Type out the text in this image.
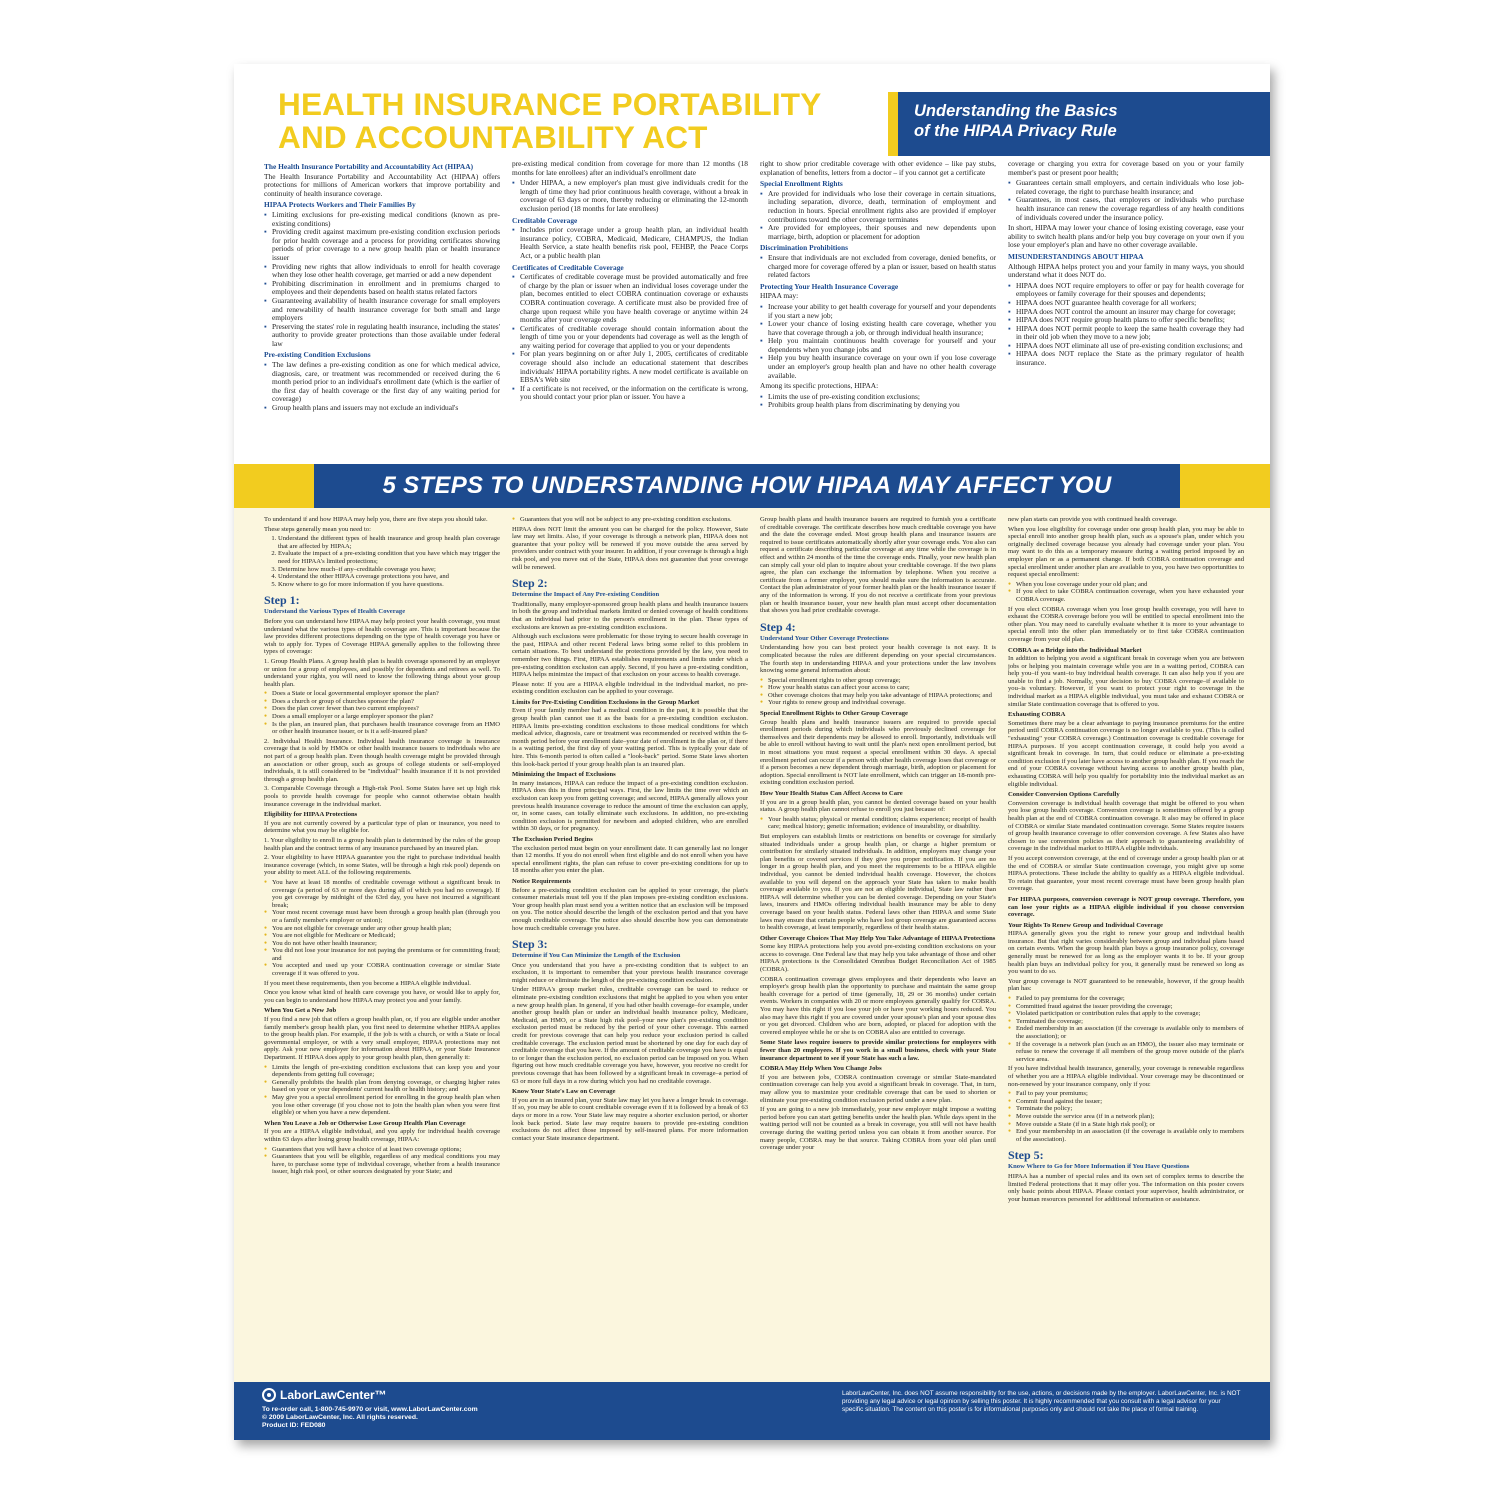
HEALTH INSURANCE PORTABILITY AND ACCOUNTABILITY ACT
Understanding the Basics
of the HIPAA Privacy Rule
The Health Insurance Portability and Accountability Act (HIPAA)
The Health Insurance Portability and Accountability Act (HIPAA) offers protections for millions of American workers that improve portability and continuity of health insurance coverage.
HIPAA Protects Workers and Their Families By
▪ Limiting exclusions for pre-existing medical conditions (known as pre-existing conditions)
▪ Providing credit against maximum pre-existing condition exclusion periods for prior health coverage and a process for providing certificates showing periods of prior coverage to a new group health plan or health insurance issuer
▪ Providing new rights that allow individuals to enroll for health coverage when they lose other health coverage, get married or add a new dependent
▪ Prohibiting discrimination in enrollment and in premiums charged to employees and their dependents based on health status related factors
▪ Guaranteeing availability of health insurance coverage for small employers and renewability of health insurance coverage for both small and large employers
▪ Preserving the states' role in regulating health insurance, including the states' authority to provide greater protections than those available under federal law
Pre-existing Condition Exclusions
▪ The law defines a pre-existing condition as one for which medical advice, diagnosis, care, or treatment was recommended or received during the 6 month period prior to an individual's enrollment date (which is the earlier of the first day of health coverage or the first day of any waiting period for coverage)
▪ Group health plans and issuers may not exclude an individual's
pre-existing medical condition from coverage for more than 12 months (18 months for late enrollees) after an individual's enrollment date
▪ Under HIPAA, a new employer's plan must give individuals credit for the length of time they had prior continuous health coverage, without a break in coverage of 63 days or more, thereby reducing or eliminating the 12-month exclusion period (18 months for late enrollees)
Creditable Coverage
▪ Includes prior coverage under a group health plan, an individual health insurance policy, COBRA, Medicaid, Medicare, CHAMPUS, the Indian Health Service, a state health benefits risk pool, FEHBP, the Peace Corps Act, or a public health plan
Certificates of Creditable Coverage
▪ Certificates of creditable coverage must be provided automatically and free of charge by the plan or issuer when an individual loses coverage under the plan, becomes entitled to elect COBRA continuation coverage or exhausts COBRA continuation coverage. A certificate must also be provided free of charge upon request while you have health coverage or anytime within 24 months after your coverage ends
▪ Certificates of creditable coverage should contain information about the length of time you or your dependents had coverage as well as the length of any waiting period for coverage that applied to you or your dependents
▪ For plan years beginning on or after July 1, 2005, certificates of creditable coverage should also include an educational statement that describes individuals' HIPAA portability rights. A new model certificate is available on EBSA's Web site
▪ If a certificate is not received, or the information on the certificate is wrong, you should contact your prior plan or issuer. You have a
right to show prior creditable coverage with other evidence – like pay stubs, explanation of benefits, letters from a doctor – if you cannot get a certificate
Special Enrollment Rights
▪ Are provided for individuals who lose their coverage in certain situations, including separation, divorce, death, termination of employment and reduction in hours. Special enrollment rights also are provided if employer contributions toward the other coverage terminates
▪ Are provided for employees, their spouses and new dependents upon marriage, birth, adoption or placement for adoption
Discrimination Prohibitions
▪ Ensure that individuals are not excluded from coverage, denied benefits, or charged more for coverage offered by a plan or issuer, based on health status related factors
Protecting Your Health Insurance Coverage
HIPAA may:
▪ Increase your ability to get health coverage for yourself and your dependents if you start a new job;
▪ Lower your chance of losing existing health care coverage, whether you have that coverage through a job, or through individual health insurance;
▪ Help you maintain continuous health coverage for yourself and your dependents when you change jobs and
▪ Help you buy health insurance coverage on your own if you lose coverage under an employer's group health plan and have no other health coverage available.
Among its specific protections, HIPAA:
▪ Limits the use of pre-existing condition exclusions;
▪ Prohibits group health plans from discriminating by denying you
coverage or charging you extra for coverage based on you or your family member's past or present poor health;
▪ Guarantees certain small employers, and certain individuals who lose job-related coverage, the right to purchase health insurance; and
▪ Guarantees, in most cases, that employers or individuals who purchase health insurance can renew the coverage regardless of any health conditions of individuals covered under the insurance policy.
In short, HIPAA may lower your chance of losing existing coverage, ease your ability to switch health plans and/or help you buy coverage on your own if you lose your employer's plan and have no other coverage available.
MISUNDERSTANDINGS ABOUT HIPAA
Although HIPAA helps protect you and your family in many ways, you should understand what it does NOT do.
▪ HIPAA does NOT require employers to offer or pay for health coverage for employees or family coverage for their spouses and dependents;
▪ HIPAA does NOT guarantee health coverage for all workers;
▪ HIPAA does NOT control the amount an insurer may charge for coverage;
▪ HIPAA does NOT require group health plans to offer specific benefits;
▪ HIPAA does NOT permit people to keep the same health coverage they had in their old job when they move to a new job;
▪ HIPAA does NOT eliminate all use of pre-existing condition exclusions; and
▪ HIPAA does NOT replace the State as the primary regulator of health insurance.
5 STEPS TO UNDERSTANDING HOW HIPAA MAY AFFECT YOU
To understand if and how HIPAA may help you, there are five steps you should take.
These steps generally mean you need to:
1. Understand the different types of health insurance and group health plan coverage that are affected by HIPAA;
2. Evaluate the impact of a pre-existing condition that you have which may trigger the need for HIPAA's limited protections;
3. Determine how much–if any–creditable coverage you have;
4. Understand the other HIPAA coverage protections you have, and
5. Know where to go for more information if you have questions.
Step 1:
Understand the Various Types of Health Coverage
Before you can understand how HIPAA may help protect your health coverage, you must understand what the various types of health coverage are. This is important because the law provides different protections depending on the type of health coverage you have or wish to apply for. Types of Coverage HIPAA generally applies to the following three types of coverage:
1. Group Health Plans. A group health plan is health coverage sponsored by an employer or union for a group of employees, and possibly for dependents and retirees as well. To understand your rights, you will need to know the following things about your group health plan.
● Does a State or local governmental employer sponsor the plan?
● Does a church or group of churches sponsor the plan?
● Does the plan cover fewer than two current employees?
● Does a small employer or a large employer sponsor the plan?
● Is the plan, an insured plan, that purchases health insurance coverage from an HMO or other health insurance issuer, or is it a self-insured plan?
2. Individual Health Insurance. Individual health insurance coverage is insurance coverage that is sold by HMOs or other health insurance issuers to individuals who are not part of a group health plan. Even though health coverage might be provided through an association or other group, such as groups of college students or self-employed individuals, it is still considered to be "individual" health insurance if it is not provided through a group health plan.
3. Comparable Coverage through a High-risk Pool. Some States have set up high risk pools to provide health coverage for people who cannot otherwise obtain health insurance coverage in the individual market.
Eligibility for HIPAA Protections
If you are not currently covered by a particular type of plan or insurance, you need to determine what you may be eligible for.
1. Your eligibility to enroll in a group health plan is determined by the rules of the group health plan and the contract terms of any insurance purchased by an insured plan.
2. Your eligibility to have HIPAA guarantee you the right to purchase individual health insurance coverage (which, in some States, will be through a high risk pool) depends on your ability to meet ALL of the following requirements.
● You have at least 18 months of creditable coverage without a significant break in coverage (a period of 63 or more days during all of which you had no coverage). If you get coverage by midnight of the 63rd day, you have not incurred a significant break;
● Your most recent coverage must have been through a group health plan (through you or a family member's employer or union);
● You are not eligible for coverage under any other group health plan;
● You are not eligible for Medicare or Medicaid;
● You do not have other health insurance;
● You did not lose your insurance for not paying the premiums or for committing fraud; and
● You accepted and used up your COBRA continuation coverage or similar State coverage if it was offered to you.
If you meet these requirements, then you become a HIPAA eligible individual.
Once you know what kind of health care coverage you have, or would like to apply for, you can begin to understand how HIPAA may protect you and your family.
When You Get a New Job
If you find a new job that offers a group health plan, or, if you are eligible under another family member's group health plan, you first need to determine whether HIPAA applies to the group health plan. For example, if the job is with a church, or with a State or local governmental employer, or with a very small employer, HIPAA protections may not apply. Ask your new employer for information about HIPAA, or your State Insurance Department. If HIPAA does apply to your group health plan, then generally it:
● Limits the length of pre-existing condition exclusions that can keep you and your dependents from getting full coverage;
● Generally prohibits the health plan from denying coverage, or charging higher rates based on your or your dependents' current health or health history; and
● May give you a special enrollment period for enrolling in the group health plan when you lose other coverage (if you chose not to join the health plan when you were first eligible) or when you have a new dependent.
When You Leave a Job or Otherwise Lose Group Health Plan Coverage
If you are a HIPAA eligible individual, and you apply for individual health coverage within 63 days after losing group health coverage, HIPAA:
● Guarantees that you will have a choice of at least two coverage options;
● Guarantees that you will be eligible, regardless of any medical conditions you may have, to purchase some type of individual coverage, whether from a health insurance issuer, high risk pool, or other sources designated by your State; and
● Guarantees that you will not be subject to any pre-existing condition exclusions.
HIPAA does NOT limit the amount you can be charged for the policy. However, State law may set limits. Also, if your coverage is through a network plan, HIPAA does not guarantee that your policy will be renewed if you move outside the area served by providers under contract with your insurer. In addition, if your coverage is through a high risk pool, and you move out of the State, HIPAA does not guarantee that your coverage will be renewed.
Step 2:
Determine the Impact of Any Pre-existing Condition
Traditionally, many employer-sponsored group health plans and health insurance issuers in both the group and individual markets limited or denied coverage of health conditions that an individual had prior to the person's enrollment in the plan. These types of exclusions are known as pre-existing condition exclusions.
Although such exclusions were problematic for those trying to secure health coverage in the past, HIPAA and other recent Federal laws bring some relief to this problem in certain situations. To best understand the protections provided by the law, you need to remember two things. First, HIPAA establishes requirements and limits under which a pre-existing condition exclusion can apply. Second, if you have a pre-existing condition, HIPAA helps minimize the impact of that exclusion on your access to health coverage.
Please note: If you are a HIPAA eligible individual in the individual market, no pre-existing condition exclusion can be applied to your coverage.
Limits for Pre-Existing Condition Exclusions in the Group Market
Even if your family member had a medical condition in the past, it is possible that the group health plan cannot use it as the basis for a pre-existing condition exclusion. HIPAA limits pre-existing condition exclusions to those medical conditions for which medical advice, diagnosis, care or treatment was recommended or received within the 6-month period before your enrollment date–your date of enrollment in the plan or, if there is a waiting period, the first day of your waiting period. This is typically your date of hire. This 6-month period is often called a "look-back" period. Some State laws shorten this look-back period if your group health plan is an insured plan.
Minimizing the Impact of Exclusions
In many instances, HIPAA can reduce the impact of a pre-existing condition exclusion. HIPAA does this in three principal ways. First, the law limits the time over which an exclusion can keep you from getting coverage; and second, HIPAA generally allows your previous health insurance coverage to reduce the amount of time the exclusion can apply, or, in some cases, can totally eliminate such exclusions. In addition, no pre-existing condition exclusion is permitted for newborn and adopted children, who are enrolled within 30 days, or for pregnancy.
The Exclusion Period Begins
The exclusion period must begin on your enrollment date. It can generally last no longer than 12 months. If you do not enroll when first eligible and do not enroll when you have special enrollment rights, the plan can refuse to cover pre-existing conditions for up to 18 months after you enter the plan.
Notice Requirements
Before a pre-existing condition exclusion can be applied to your coverage, the plan's consumer materials must tell you if the plan imposes pre-existing condition exclusions. Your group health plan must send you a written notice that an exclusion will be imposed on you. The notice should describe the length of the exclusion period and that you have enough creditable coverage. The notice also should describe how you can demonstrate how much creditable coverage you have.
Step 3:
Determine if You Can Minimize the Length of the Exclusion
Once you understand that you have a pre-existing condition that is subject to an exclusion, it is important to remember that your previous health insurance coverage might reduce or eliminate the length of the pre-existing condition exclusion.
Under HIPAA's group market rules, creditable coverage can be used to reduce or eliminate pre-existing condition exclusions that might be applied to you when you enter a new group health plan. In general, if you had other health coverage–for example, under another group health plan or under an individual health insurance policy, Medicare, Medicaid, an HMO, or a State high risk pool–your new plan's pre-existing condition exclusion period must be reduced by the period of your other coverage. This earned credit for previous coverage that can help you reduce your exclusion period is called creditable coverage. The exclusion period must be shortened by one day for each day of creditable coverage that you have. If the amount of creditable coverage you have is equal to or longer than the exclusion period, no exclusion period can be imposed on you. When figuring out how much creditable coverage you have, however, you receive no credit for previous coverage that has been followed by a significant break in coverage–a period of 63 or more full days in a row during which you had no creditable coverage.
Know Your State's Law on Coverage
If you are in an insured plan, your State law may let you have a longer break in coverage. If so, you may be able to count creditable coverage even if it is followed by a break of 63 days or more in a row. Your State law may require a shorter exclusion period, or shorter look back period. State law may require issuers to provide pre-existing condition exclusions do not affect those imposed by self-insured plans. For more information contact your State insurance department.
Group health plans and health insurance issuers are required to furnish you a certificate of creditable coverage. The certificate describes how much creditable coverage you have and the date the coverage ended. Most group health plans and insurance issuers are required to issue certificates automatically shortly after your coverage ends. You also can request a certificate describing particular coverage at any time while the coverage is in effect and within 24 months of the time the coverage ends. Finally, your new health plan can simply call your old plan to inquire about your creditable coverage. If the two plans agree, the plan can exchange the information by telephone. When you receive a certificate from a former employer, you should make sure the information is accurate. Contact the plan administrator of your former health plan or the health insurance issuer if any of the information is wrong. If you do not receive a certificate from your previous plan or health insurance issuer, your new health plan must accept other documentation that shows you had prior creditable coverage.
Step 4:
Understand Your Other Coverage Protections
Understanding how you can best protect your health coverage is not easy. It is complicated because the rules are different depending on your special circumstances. The fourth step in understanding HIPAA and your protections under the law involves knowing some general information about:
● Special enrollment rights to other group coverage;
● How your health status can affect your access to care;
● Other coverage choices that may help you take advantage of HIPAA protections; and
● Your rights to renew group and individual coverage.
Special Enrollment Rights to Other Group Coverage
Group health plans and health insurance issuers are required to provide special enrollment periods during which individuals who previously declined coverage for themselves and their dependents may be allowed to enroll. Importantly, individuals will be able to enroll without having to wait until the plan's next open enrollment period, but in most situations you must request a special enrollment within 30 days. A special enrollment period can occur if a person with other health coverage loses that coverage or if a person becomes a new dependent through marriage, birth, adoption or placement for adoption. Special enrollment is NOT late enrollment, which can trigger an 18-month pre-existing condition exclusion period.
How Your Health Status Can Affect Access to Care
If you are in a group health plan, you cannot be denied coverage based on your health status. A group health plan cannot refuse to enroll you just because of:
● Your health status; physical or mental condition; claims experience; receipt of health care; medical history; genetic information; evidence of insurability, or disability.
But employers can establish limits or restrictions on benefits or coverage for similarly situated individuals under a group health plan, or charge a higher premium or contribution for similarly situated individuals. In addition, employers may change your plan benefits or covered services if they give you proper notification. If you are no longer in a group health plan, and you meet the requirements to be a HIPAA eligible individual, you cannot be denied individual health coverage. However, the choices available to you will depend on the approach your State has taken to make health coverage available to you. If you are not an eligible individual, State law rather than HIPAA will determine whether you can be denied coverage. Depending on your State's laws, insurers and HMOs offering individual health insurance may be able to deny coverage based on your health status. Federal laws other than HIPAA and some State laws may ensure that certain people who have lost group coverage are guaranteed access to health coverage, at least temporarily, regardless of their health status.
Other Coverage Choices That May Help You Take Advantage of HIPAA Protections
Some key HIPAA protections help you avoid pre-existing condition exclusions on your access to coverage. One Federal law that may help you take advantage of those and other HIPAA protections is the Consolidated Omnibus Budget Reconciliation Act of 1985 (COBRA).
COBRA continuation coverage gives employees and their dependents who leave an employer's group health plan the opportunity to purchase and maintain the same group health coverage for a period of time (generally, 18, 29 or 36 months) under certain events. Workers in companies with 20 or more employees generally qualify for COBRA. You may have this right if you lose your job or have your working hours reduced. You also may have this right if you are covered under your spouse's plan and your spouse dies or you get divorced. Children who are born, adopted, or placed for adoption with the covered employee while he or she is on COBRA also are entitled to coverage.
Some State laws require issuers to provide similar protections for employers with fewer than 20 employees. If you work in a small business, check with your State insurance department to see if your State has such a law.
COBRA May Help When You Change Jobs
If you are between jobs, COBRA continuation coverage or similar State-mandated continuation coverage can help you avoid a significant break in coverage. That, in turn, may allow you to maximize your creditable coverage that can be used to shorten or eliminate your pre-existing condition exclusion period under a new plan.
If you are going to a new job immediately, your new employer might impose a waiting period before you can start getting benefits under the health plan. While days spent in the waiting period will not be counted as a break in coverage, you still will not have health coverage during the waiting period unless you can obtain it from another source. For many people, COBRA may be that source. Taking COBRA from your old plan until coverage under your
new plan starts can provide you with continued health coverage.
When you lose eligibility for coverage under one group health plan, you may be able to special enroll into another group health plan, such as a spouse's plan, under which you originally declined coverage because you already had coverage under your plan. You may want to do this as a temporary measure during a waiting period imposed by an employer plan or as a permanent change. If both COBRA continuation coverage and special enrollment under another plan are available to you, you have two opportunities to request special enrollment:
● When you lose coverage under your old plan; and
● If you elect to take COBRA continuation coverage, when you have exhausted your COBRA coverage.
If you elect COBRA coverage when you lose group health coverage, you will have to exhaust the COBRA coverage before you will be entitled to special enrollment into the other plan. You may need to carefully evaluate whether it is more to your advantage to special enroll into the other plan immediately or to first take COBRA continuation coverage from your old plan.
COBRA as a Bridge into the Individual Market
In addition to helping you avoid a significant break in coverage when you are between jobs or helping you maintain coverage while you are in a waiting period, COBRA can help you–if you want–to buy individual health coverage. It can also help you if you are unable to find a job. Normally, your decision to buy COBRA coverage–if available to you–is voluntary. However, if you want to protect your right to coverage in the individual market as a HIPAA eligible individual, you must take and exhaust COBRA or similar State continuation coverage that is offered to you.
Exhausting COBRA
Sometimes there may be a clear advantage to paying insurance premiums for the entire period until COBRA continuation coverage is no longer available to you. (This is called "exhausting" your COBRA coverage.) Continuation coverage is creditable coverage for HIPAA purposes. If you accept continuation coverage, it could help you avoid a significant break in coverage. In turn, that could reduce or eliminate a pre-existing condition exclusion if you later have access to another group health plan. If you reach the end of your COBRA coverage without having access to another group health plan, exhausting COBRA will help you qualify for portability into the individual market as an eligible individual.
Consider Conversion Options Carefully
Conversion coverage is individual health coverage that might be offered to you when you lose group health coverage. Conversion coverage is sometimes offered by a group health plan at the end of COBRA continuation coverage. It also may be offered in place of COBRA or similar State mandated continuation coverage. Some States require issuers of group health insurance coverage to offer conversion coverage. A few States also have chosen to use conversion policies as their approach to guaranteeing availability of coverage in the individual market to HIPAA eligible individuals.
If you accept conversion coverage, at the end of coverage under a group health plan or at the end of COBRA or similar State continuation coverage, you might give up some HIPAA protections. These include the ability to qualify as a HIPAA eligible individual. To retain that guarantee, your most recent coverage must have been group health plan coverage.
For HIPAA purposes, conversion coverage is NOT group coverage. Therefore, you can lose your rights as a HIPAA eligible individual if you choose conversion coverage.
Your Rights To Renew Group and Individual Coverage
HIPAA generally gives you the right to renew your group and individual health insurance. But that right varies considerably between group and individual plans based on certain events. When the group health plan buys a group insurance policy, coverage generally must be renewed for as long as the employer wants it to be. If your group health plan buys an individual policy for you, it generally must be renewed so long as you want to do so.
Your group coverage is NOT guaranteed to be renewable, however, if the group health plan has:
● Failed to pay premiums for the coverage;
● Committed fraud against the issuer providing the coverage;
● Violated participation or contribution rules that apply to the coverage;
● Terminated the coverage;
● Ended membership in an association (if the coverage is available only to members of the association); or
● If the coverage is a network plan (such as an HMO), the issuer also may terminate or refuse to renew the coverage if all members of the group move outside of the plan's service area.
If you have individual health insurance, generally, your coverage is renewable regardless of whether you are a HIPAA eligible individual. Your coverage may be discontinued or non-renewed by your insurance company, only if you:
● Fail to pay your premiums;
● Commit fraud against the issuer;
● Terminate the policy;
● Move outside the service area (if in a network plan);
● Move outside a State (if in a State high risk pool); or
● End your membership in an association (if the coverage is available only to members of the association).
Step 5:
Know Where to Go for More Information if You Have Questions
HIPAA has a number of special rules and its own set of complex terms to describe the limited Federal protections that it may offer you. The information on this poster covers only basic points about HIPAA. Please contact your supervisor, health administrator, or your human resources personnel for additional information or assistance.
LaborLawCenter™
To re-order call, 1-800-745-9970 or visit, www.LaborLawCenter.com
© 2009 LaborLawCenter, Inc. All rights reserved.
Product ID: FED080
LaborLawCenter, Inc. does NOT assume responsibility for the use, actions, or decisions made by the employer. LaborLawCenter, Inc. is NOT providing any legal advice or legal opinion by selling this poster. It is highly recommended that you consult with a legal advisor for your specific situation. The content on this poster is for informational purposes only and should not take the place of formal training.
